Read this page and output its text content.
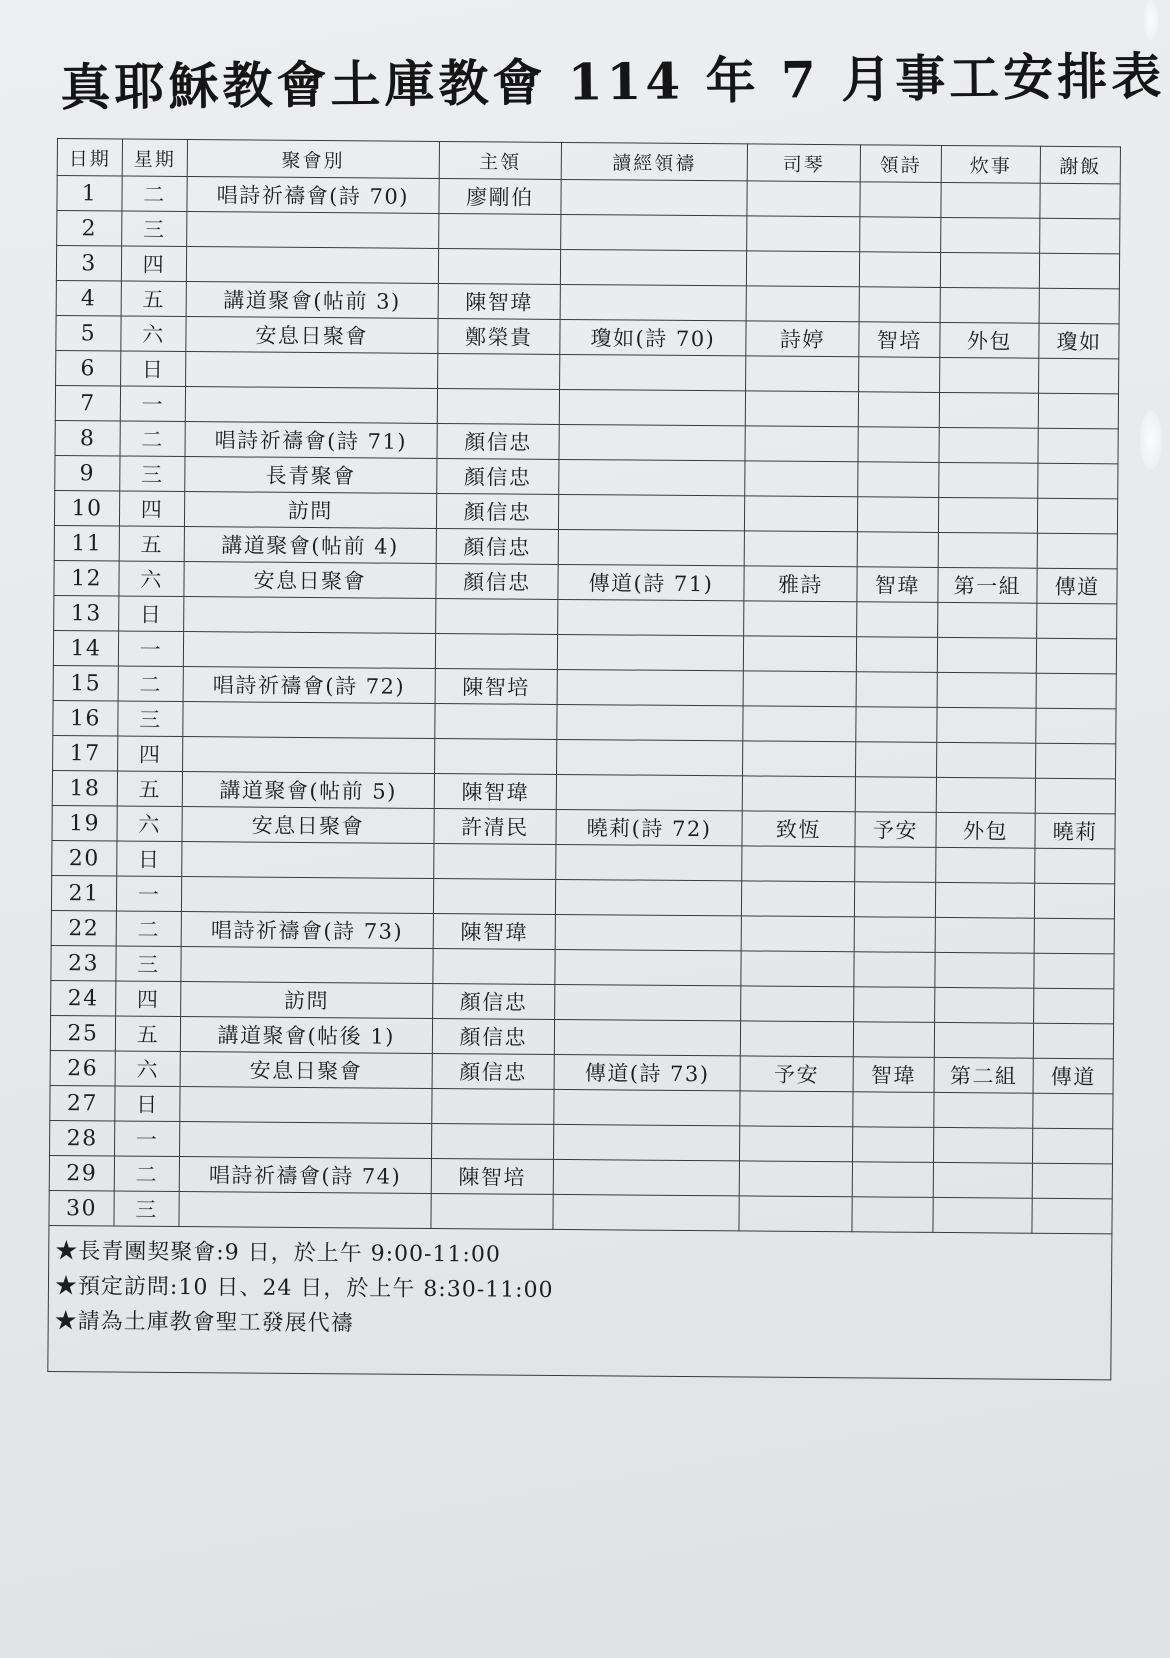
真耶穌教會土庫教會 114 年 7 月事工安排表
日期	星期	聚會別	主領	讀經領禱	司琴	領詩	炊事	謝飯
1	二	唱詩祈禱會(詩 70)	廖剛伯					
2	三							
3	四							
4	五	講道聚會(帖前 3)	陳智瑋					
5	六	安息日聚會	鄭榮貴	瓊如(詩 70)	詩婷	智培	外包	瓊如
6	日							
7	一							
8	二	唱詩祈禱會(詩 71)	顏信忠					
9	三	長青聚會	顏信忠					
10	四	訪問	顏信忠					
11	五	講道聚會(帖前 4)	顏信忠					
12	六	安息日聚會	顏信忠	傳道(詩 71)	雅詩	智瑋	第一組	傳道
13	日							
14	一							
15	二	唱詩祈禱會(詩 72)	陳智培					
16	三							
17	四							
18	五	講道聚會(帖前 5)	陳智瑋					
19	六	安息日聚會	許清民	曉莉(詩 72)	致恆	予安	外包	曉莉
20	日							
21	一							
22	二	唱詩祈禱會(詩 73)	陳智瑋					
23	三							
24	四	訪問	顏信忠					
25	五	講道聚會(帖後 1)	顏信忠					
26	六	安息日聚會	顏信忠	傳道(詩 73)	予安	智瑋	第二組	傳道
27	日							
28	一							
29	二	唱詩祈禱會(詩 74)	陳智培					
30	三							
★長青團契聚會:9 日，於上午 9:00-11:00
★預定訪問:10 日、24 日，於上午 8:30-11:00
★請為土庫教會聖工發展代禱
